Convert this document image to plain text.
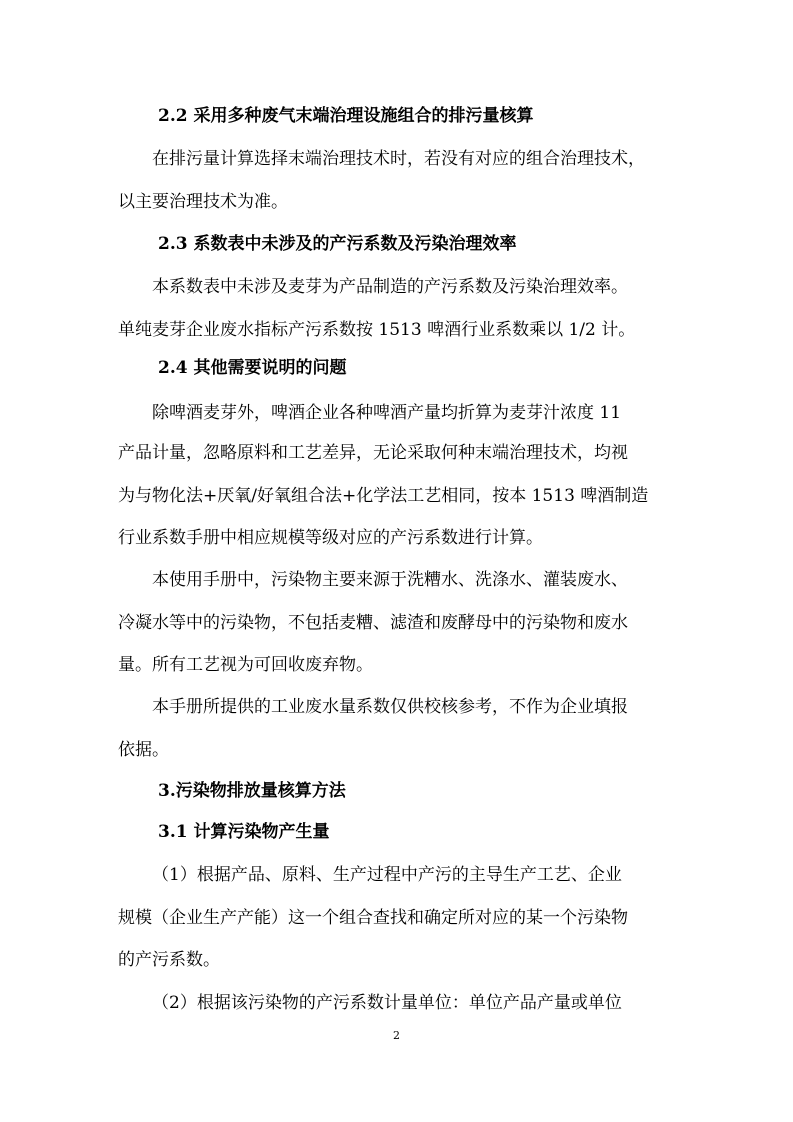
2.2 采用多种废气末端治理设施组合的排污量核算
在排污量计算选择末端治理技术时，若没有对应的组合治理技术，
以主要治理技术为准。
2.3 系数表中未涉及的产污系数及污染治理效率
本系数表中未涉及麦芽为产品制造的产污系数及污染治理效率。
单纯麦芽企业废水指标产污系数按 1513 啤酒行业系数乘以 1/2 计。
2.4 其他需要说明的问题
除啤酒麦芽外，啤酒企业各种啤酒产量均折算为麦芽汁浓度 11
产品计量，忽略原料和工艺差异，无论采取何种末端治理技术，均视
为与物化法+厌氧/好氧组合法+化学法工艺相同，按本 1513 啤酒制造
行业系数手册中相应规模等级对应的产污系数进行计算。
本使用手册中，污染物主要来源于洗糟水、洗涤水、灌装废水、
冷凝水等中的污染物，不包括麦糟、滤渣和废酵母中的污染物和废水
量。所有工艺视为可回收废弃物。
本手册所提供的工业废水量系数仅供校核参考，不作为企业填报
依据。
3.污染物排放量核算方法
3.1 计算污染物产生量
（1）根据产品、原料、生产过程中产污的主导生产工艺、企业
规模（企业生产产能）这一个组合查找和确定所对应的某一个污染物
的产污系数。
（2）根据该污染物的产污系数计量单位：单位产品产量或单位
2
